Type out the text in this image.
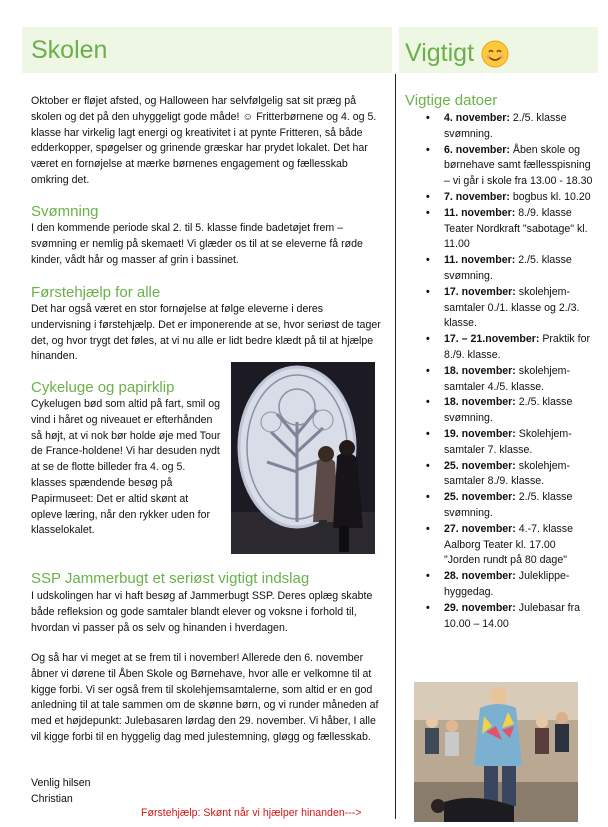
Skolen	Vigtigt
Oktober er fløjet afsted, og Halloween har selvfølgelig sat sit præg på skolen og det på den uhyggeligt gode måde! ☺ Fritterbørnene og 4. og 5. klasse har virkelig lagt energi og kreativitet i at pynte Fritteren, så både edderkopper, spøgelser og grinende græskar har prydet lokalet. Det har været en fornøjelse at mærke børnenes engagement og fællesskab omkring det.
Svømning
I den kommende periode skal 2. til 5. klasse finde badetøjet frem – svømning er nemlig på skemaet! Vi glæder os til at se eleverne få røde kinder, vådt hår og masser af grin i bassinet.
Førstehjælp for alle
Det har også været en stor fornøjelse at følge eleverne i deres undervisning i førstehjælp. Det er imponerende at se, hvor seriøst de tager det, og hvor trygt det føles, at vi nu alle er lidt bedre klædt på til at hjælpe hinanden.
Cykeluge og papirklip
Cykelugen bød som altid på fart, smil og vind i håret og niveauet er efterhånden så højt, at vi nok bør holde øje med Tour de France-holdene! Vi har desuden nydt at se de flotte billeder fra 4. og 5. klasses spændende besøg på Papirmuseet: Det er altid skønt at opleve læring, når den rykker uden for klasselokalet.
SSP Jammerbugt et seriøst vigtigt indslag
I udskolingen har vi haft besøg af Jammerbugt SSP. Deres oplæg skabte både refleksion og gode samtaler blandt elever og voksne i forhold til, hvordan vi passer på os selv og hinanden i hverdagen.
Og så har vi meget at se frem til i november! Allerede den 6. november åbner vi dørene til Åben Skole og Børnehave, hvor alle er velkomne til at kigge forbi. Vi ser også frem til skolehjemsamtalerne, som altid er en god anledning til at tale sammen om de skønne børn, og vi runder måneden af med et højdepunkt: Julebasaren lørdag den 29. november. Vi håber, I alle vil kigge forbi til en hyggelig dag med julestemning, gløgg og fællesskab.
Venlig hilsen
Christian
Førstehjælp: Skønt når vi hjælper hinanden--->
Vigtige datoer
• 4. november: 2./5. klasse svømning.
• 6. november: Åben skole og børnehave samt fællesspisning – vi går i skole fra 13.00 - 18.30
• 7. november: bogbus kl. 10.20
• 11. november: 8./9. klasse Teater Nordkraft "sabotage" kl. 11.00
• 11. november: 2./5. klasse svømning.
• 17. november: skolehjem-samtaler 0./1. klasse og 2./3. klasse.
• 17. – 21.november: Praktik for 8./9. klasse.
• 18. november: skolehjem-samtaler 4./5. klasse.
• 18. november: 2./5. klasse svømning.
• 19. november: Skolehjem-samtaler 7. klasse.
• 25. november: skolehjem-samtaler 8./9. klasse.
• 25. november: 2./5. klasse svømning.
• 27. november: 4.-7. klasse Aalborg Teater kl. 17.00 "Jorden rundt på 80 dage"
• 28. november: Juleklippe-hyggedag.
• 29. november: Julebasar fra 10.00 – 14.00
